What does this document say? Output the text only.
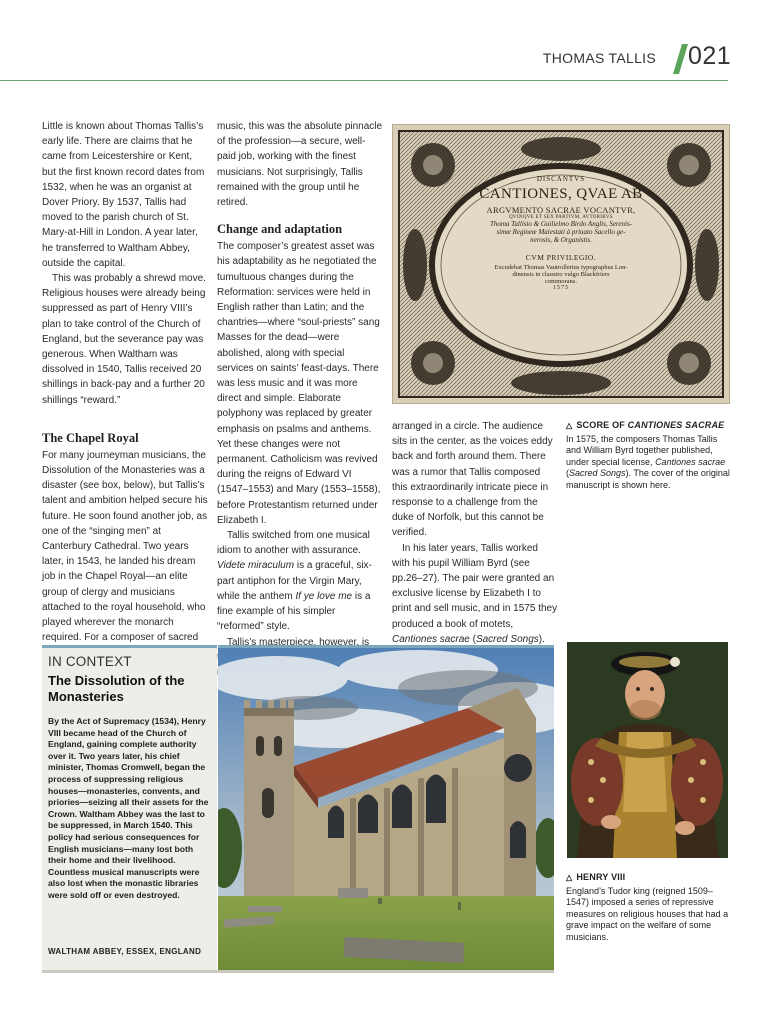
THOMAS TALLIS 021

Little is known about Thomas Tallis’s early life. There are claims that he came from Leicestershire or Kent, but the first known record dates from 1532, when he was an organist at Dover Priory. By 1537, Tallis had moved to the parish church of St. Mary-at-Hill in London. A year later, he transferred to Waltham Abbey, outside the capital.

This was probably a shrewd move. Religious houses were already being suppressed as part of Henry VIII’s plan to take control of the Church of England, but the severance pay was generous. When Waltham was dissolved in 1540, Tallis received 20 shillings in back-pay and a further 20 shillings “reward.”

The Chapel Royal

For many journeyman musicians, the Dissolution of the Monasteries was a disaster (see box, below), but Tallis’s talent and ambition helped secure his future. He soon found another job, as one of the “singing men” at Canterbury Cathedral. Two years later, in 1543, he landed his dream job in the Chapel Royal—an elite group of clergy and musicians attached to the royal household, who played wherever the monarch required. For a composer of sacred

music, this was the absolute pinnacle of the profession—a secure, well-paid job, working with the finest musicians. Not surprisingly, Tallis remained with the group until he retired.

Change and adaptation

The composer’s greatest asset was his adaptability as he negotiated the tumultuous changes during the Reformation: services were held in English rather than Latin; and the chantries—where “soul-priests” sang Masses for the dead—were abolished, along with special services on saints’ feast-days. There was less music and it was more direct and simple. Elaborate polyphony was replaced by greater emphasis on psalms and anthems. Yet these changes were not permanent. Catholicism was revived during the reigns of Edward VI (1547–1553) and Mary (1553–1558), before Protestantism returned under Elizabeth I.

Tallis switched from one musical idiom to another with assurance. Videte miraculum is a graceful, six-part antiphon for the Virgin Mary, while the anthem If ye love me is a fine example of his simpler “reformed” style.

Tallis’s masterpiece, however, is

arranged in a circle. The audience sits in the center, as the voices eddy back and forth around them. There was a rumor that Tallis composed this extraordinarily intricate piece in response to a challenge from the duke of Norfolk, but this cannot be verified.

In his later years, Tallis worked with his pupil William Byrd (see pp.26–27). The pair were granted an exclusive license by Elizabeth I to print and sell music, and in 1575 they produced a book of motets, Cantiones sacrae (Sacred Songs).

DISCANTVS
CANTIONES, QVAE AB
ARGVMENTO SACRAE VOCANTVR,
QVINQVE ET SEX PARTIVM, AVTORIBVS
Thoma Tallisio & Guilielmo Birdo Anglis, Serenis-
simæ Regineæ Maiestati à priuato Sacello ge-
nerosis, & Organistis.
CVM PRIVILEGIO.
Excudebat Thomas Vautrollerius typographus Lon-
dinensis in claustro vulgo Blackfriers
commorans.
1575
△ SCORE OF CANTIONES SACRAE
In 1575, the composers Thomas Tallis and William Byrd together published, under special license, Cantiones sacrae (Sacred Songs). The cover of the original manuscript is shown here.
IN CONTEXT
The Dissolution of the Monasteries
By the Act of Supremacy (1534), Henry VIII became head of the Church of England, gaining complete authority over it. Two years later, his chief minister, Thomas Cromwell, began the process of suppressing religious houses—monasteries, convents, and priories—seizing all their assets for the Crown. Waltham Abbey was the last to be suppressed, in March 1540. This policy had serious consequences for English musicians—many lost both their home and their livelihood. Countless musical manuscripts were also lost when the monastic libraries were sold off or even destroyed.
WALTHAM ABBEY, ESSEX, ENGLAND
△ HENRY VIII
England’s Tudor king (reigned 1509–1547) imposed a series of repressive measures on religious houses that had a grave impact on the welfare of some musicians.
